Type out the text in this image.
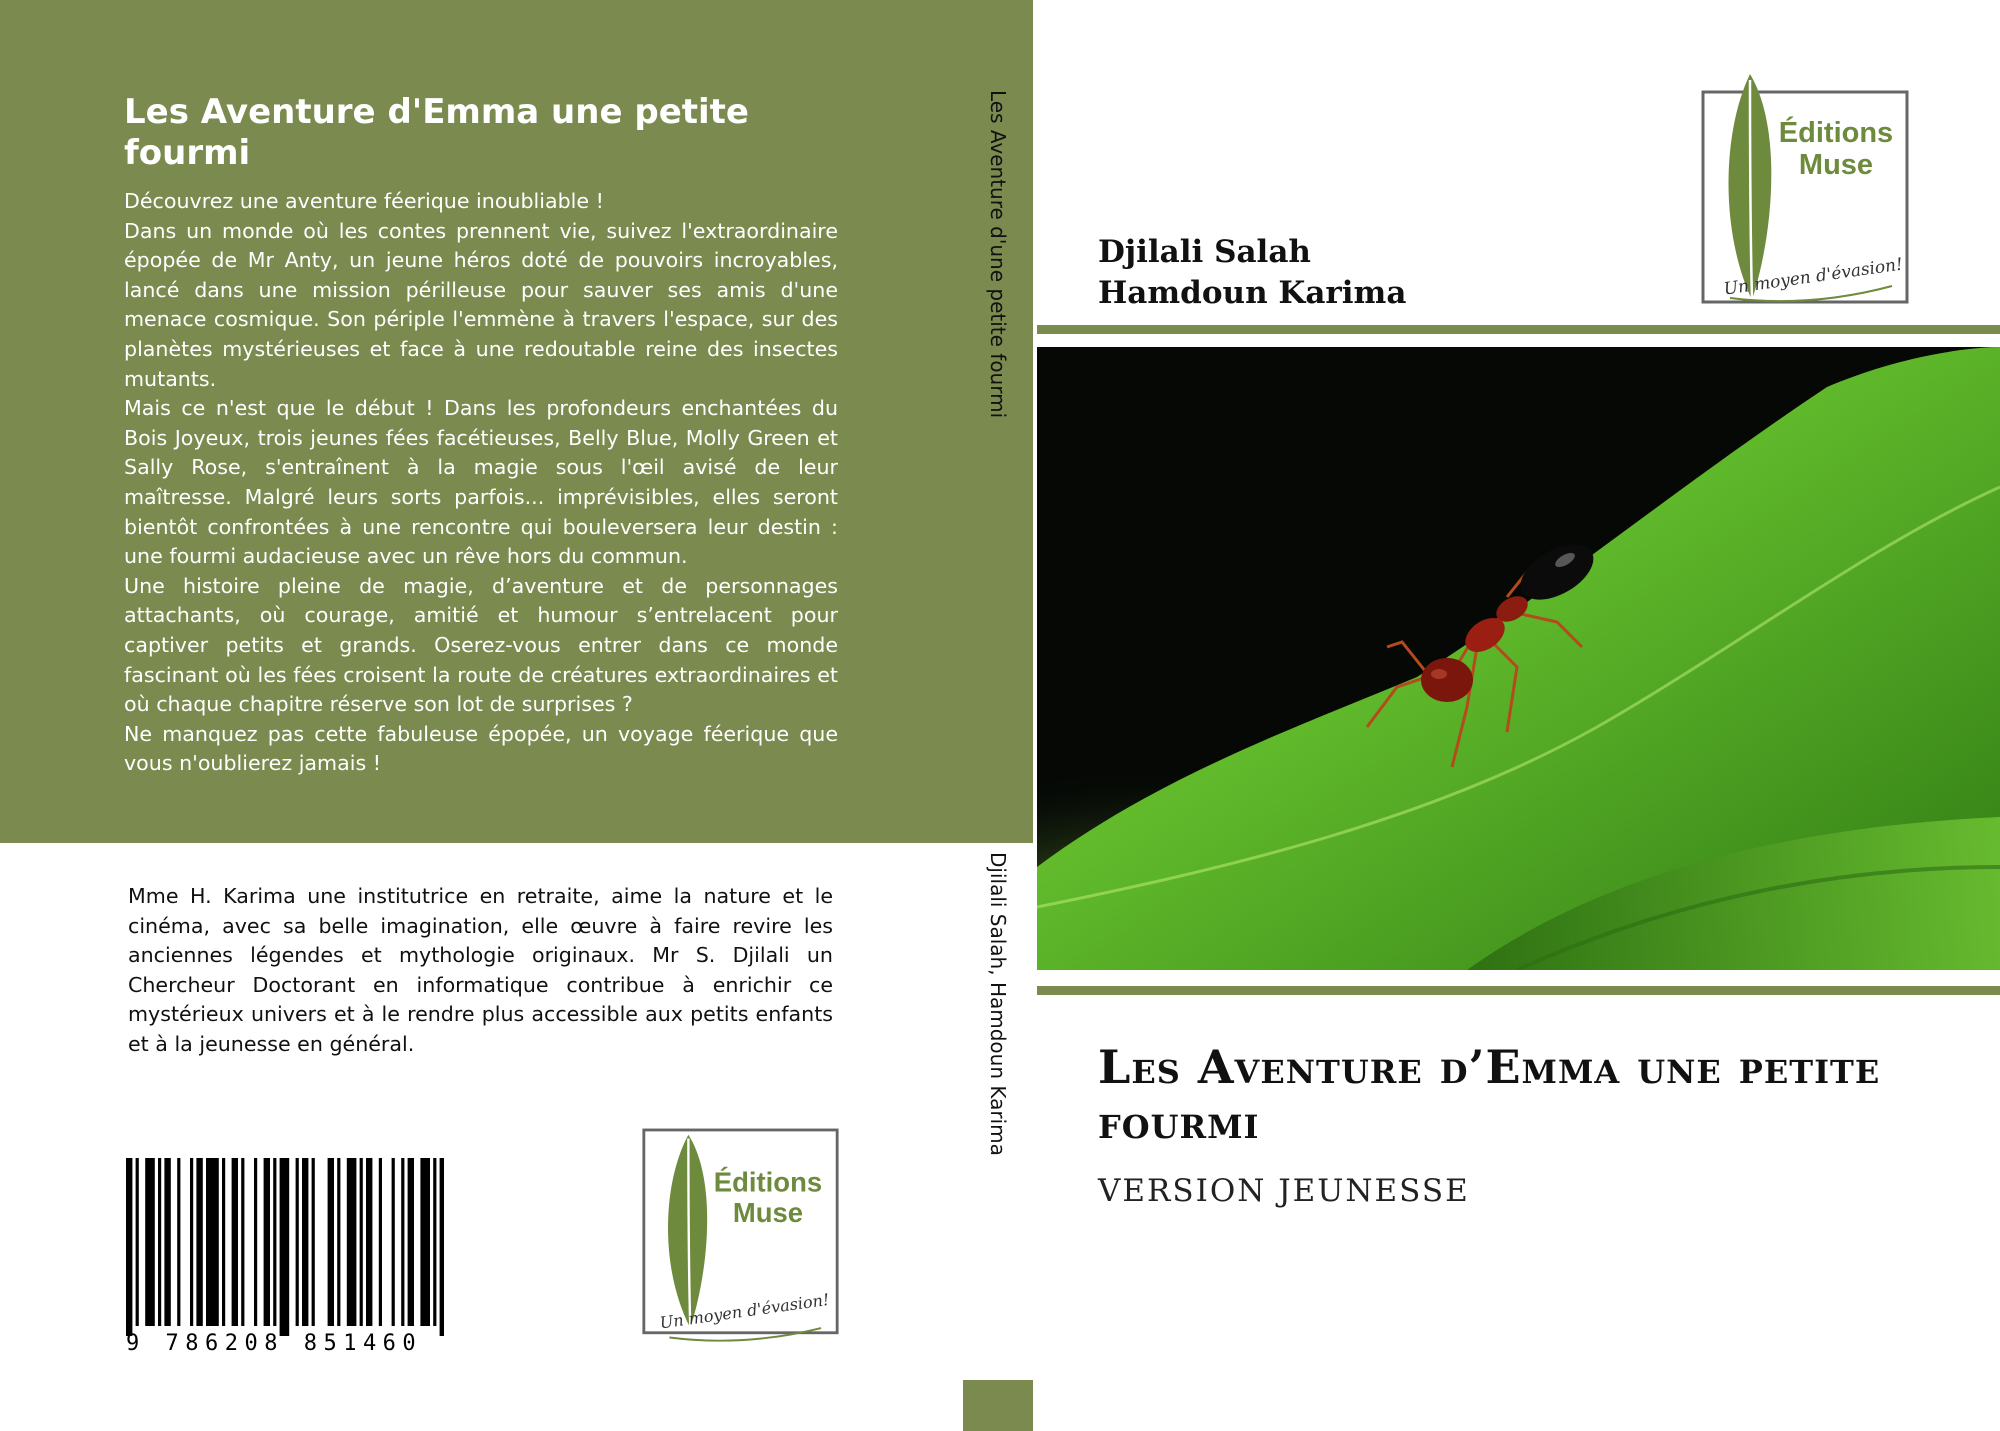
Les Aventure d'Emma une petite fourmi

Découvrez une aventure féerique inoubliable !

Dans un monde où les contes prennent vie, suivez l'extraordinaire épopée de Mr Anty, un jeune héros doté de pouvoirs incroyables, lancé dans une mission périlleuse pour sauver ses amis d'une menace cosmique. Son périple l'emmène à travers l'espace, sur des planètes mystérieuses et face à une redoutable reine des insectes mutants.

Mais ce n'est que le début ! Dans les profondeurs enchantées du Bois Joyeux, trois jeunes fées facétieuses, Belly Blue, Molly Green et Sally Rose, s'entraînent à la magie sous l'œil avisé de leur maîtresse. Malgré leurs sorts parfois... imprévisibles, elles seront bientôt confrontées à une rencontre qui bouleversera leur destin : une fourmi audacieuse avec un rêve hors du commun.

Une histoire pleine de magie, d’aventure et de personnages attachants, où courage, amitié et humour s’entrelacent pour captiver petits et grands. Oserez-vous entrer dans ce monde fascinant où les fées croisent la route de créatures extraordinaires et où chaque chapitre réserve son lot de surprises ?

Ne manquez pas cette fabuleuse épopée, un voyage féerique que vous n'oublierez jamais !

Mme H. Karima une institutrice en retraite, aime la nature et le cinéma, avec sa belle imagination, elle œuvre à faire revire les anciennes légendes et mythologie originaux. Mr S. Djilali un Chercheur Doctorant en informatique contribue à enrichir ce mystérieux univers et à le rendre plus accessible aux petits enfants et à la jeunesse en général.
9 786208 851460
Éditions
Muse
Un moyen d'évasion!
Les Aventure d'une petite fourmi
Djilali Salah, Hamdoun Karima
Djilali Salah
Hamdoun Karima
Éditions
Muse
Un moyen d'évasion!
Les Aventure d’Emma une petite fourmi
VERSION JEUNESSE
